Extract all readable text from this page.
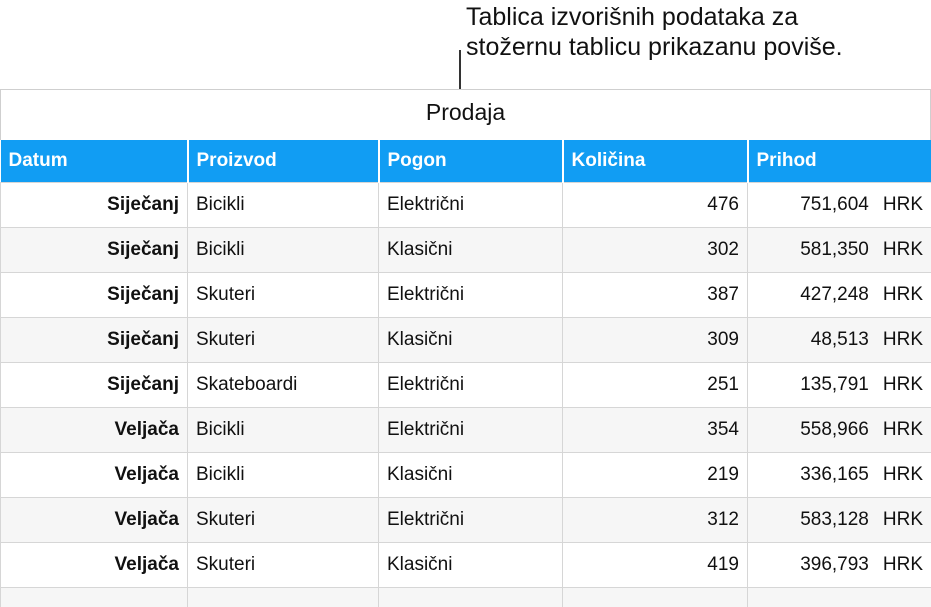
Tablica izvorišnih podataka za
stožernu tablicu prikazanu poviše.
Prodaja
Datum	Proizvod	Pogon	Količina	Prihod
Siječanj	Bicikli	Električni	476	751,604 HRK
Siječanj	Bicikli	Klasični	302	581,350 HRK
Siječanj	Skuteri	Električni	387	427,248 HRK
Siječanj	Skuteri	Klasični	309	48,513 HRK
Siječanj	Skateboardi	Električni	251	135,791 HRK
Veljača	Bicikli	Električni	354	558,966 HRK
Veljača	Bicikli	Klasični	219	336,165 HRK
Veljača	Skuteri	Električni	312	583,128 HRK
Veljača	Skuteri	Klasični	419	396,793 HRK
